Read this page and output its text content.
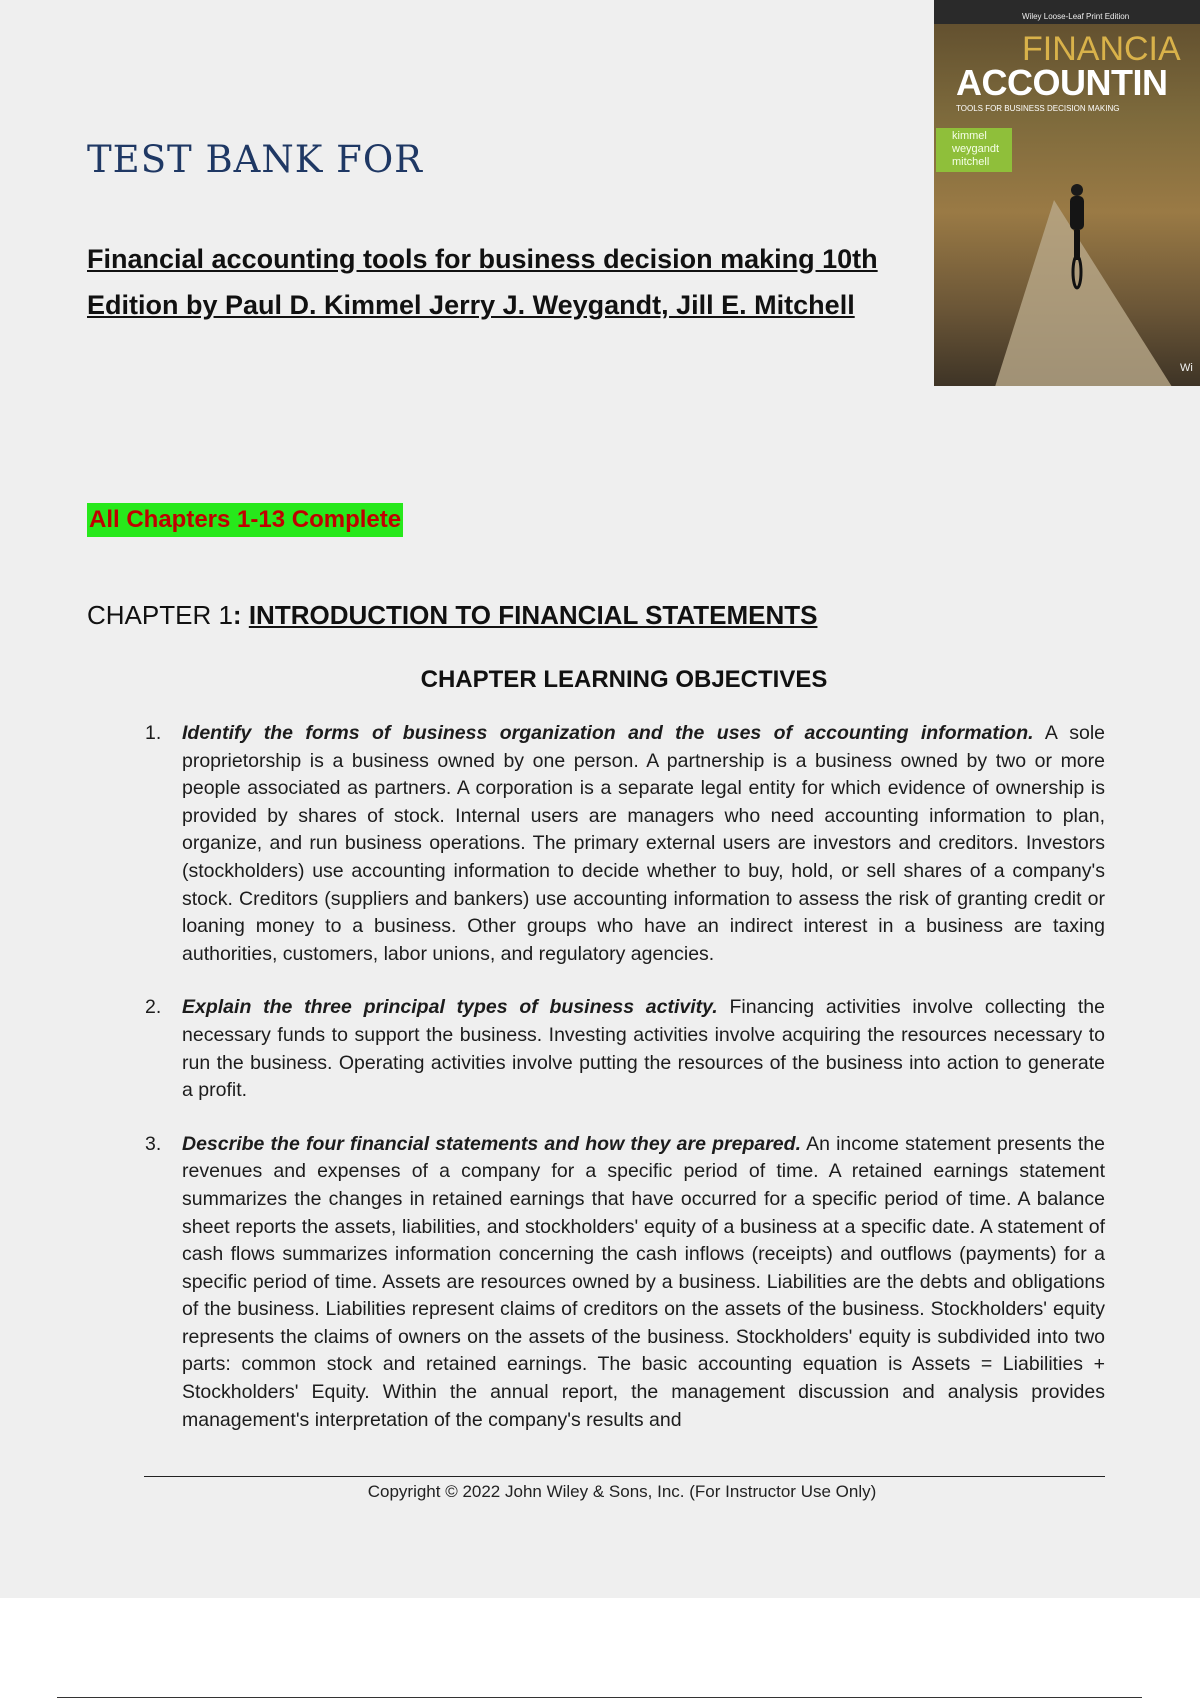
TEST BANK FOR

Financial accounting tools for business decision making 10th Edition by Paul D. Kimmel Jerry J. Weygandt, Jill E. Mitchell

Wiley Loose-Leaf Print Edition
FINANCIA
ACCOUNTIN
TOOLS FOR BUSINESS DECISION MAKING
kimmel
weygandt
mitchell
Wi

All Chapters 1-13 Complete

CHAPTER 1: INTRODUCTION TO FINANCIAL STATEMENTS
CHAPTER LEARNING OBJECTIVES
1. Identify the forms of business organization and the uses of accounting information. A sole proprietorship is a business owned by one person. A partnership is a business owned by two or more people associated as partners. A corporation is a separate legal entity for which evidence of ownership is provided by shares of stock. Internal users are managers who need accounting information to plan, organize, and run business operations. The primary external users are investors and creditors. Investors (stockholders) use accounting information to decide whether to buy, hold, or sell shares of a company's stock. Creditors (suppliers and bankers) use accounting information to assess the risk of granting credit or loaning money to a business. Other groups who have an indirect interest in a business are taxing authorities, customers, labor unions, and regulatory agencies.
2. Explain the three principal types of business activity. Financing activities involve collecting the necessary funds to support the business. Investing activities involve acquiring the resources necessary to run the business. Operating activities involve putting the resources of the business into action to generate a profit.
3. Describe the four financial statements and how they are prepared. An income statement presents the revenues and expenses of a company for a specific period of time. A retained earnings statement summarizes the changes in retained earnings that have occurred for a specific period of time. A balance sheet reports the assets, liabilities, and stockholders' equity of a business at a specific date. A statement of cash flows summarizes information concerning the cash inflows (receipts) and outflows (payments) for a specific period of time. Assets are resources owned by a business. Liabilities are the debts and obligations of the business. Liabilities represent claims of creditors on the assets of the business. Stockholders' equity represents the claims of owners on the assets of the business. Stockholders' equity is subdivided into two parts: common stock and retained earnings. The basic accounting equation is Assets = Liabilities + Stockholders' Equity. Within the annual report, the management discussion and analysis provides management's interpretation of the company's results and
Copyright © 2022 John Wiley & Sons, Inc. (For Instructor Use Only)
